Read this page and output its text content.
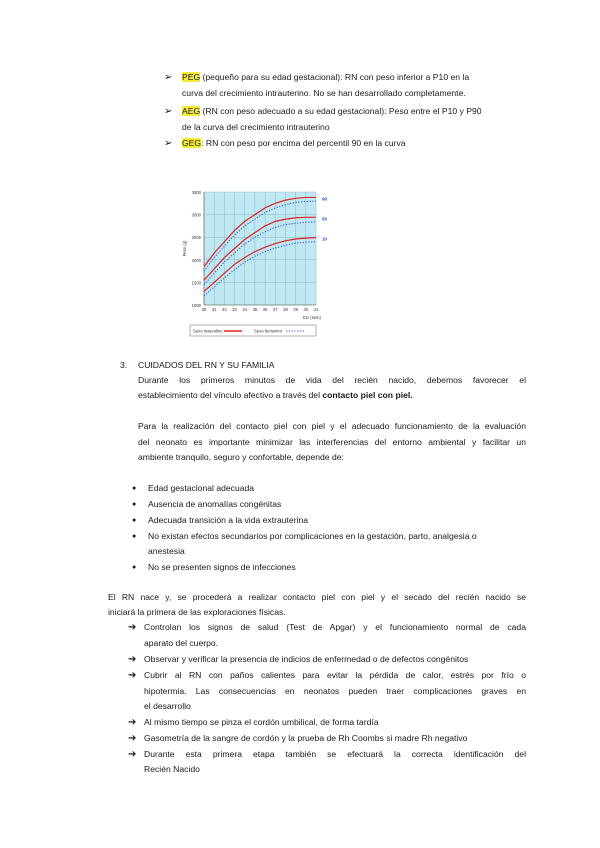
➢ PEG (pequeño para su edad gestacional): RN con peso inferior a P10 en la
curva del crecimiento intrauterino. No se han desarrollado completamente.
➢ AEG (RN con peso adecuado a su edad gestacional): Peso entre el P10 y P90
de la curva del crecimiento intrauterino
➢ GEG: RN con peso por encima del percentil 90 en la curva
1000
1500
2000
2500
3000
3500
30 31 32 33 34 35 36 37 38 39 40 41
90
50
10
Peso (g)
EG (sem)
Sexo masculino	Sexo femenino
3. CUIDADOS DEL RN Y SU FAMILIA
Durante los primeros minutos de vida del recién nacido, debemos favorecer el
establecimiento del vínculo afectivo a través del contacto piel con piel.
Para la realización del contacto piel con piel y el adecuado funcionamiento de la evaluación
del neonato es importante minimizar las interferencias del entorno ambiental y facilitar un
ambiente tranquilo, seguro y confortable, depende de:
● Edad gestacional adecuada
● Ausencia de anomalías congénitas
● Adecuada transición a la vida extrauterina
● No existan efectos secundarios por complicaciones en la gestación, parto, analgesia o
anestesia
● No se presenten signos de infecciones
El RN nace y, se procederá a realizar contacto piel con piel y el secado del recién nacido se
iniciará la primera de las exploraciones físicas.
➔ Controlan los signos de salud (Test de Apgar) y el funcionamiento normal de cada
aparato del cuerpo.
➔ Observar y verificar la presencia de indicios de enfermedad o de defectos congénitos
➔ Cubrir al RN con paños calientes para evitar la pérdida de calor, estrés por frío o
hipotermia. Las consecuencias en neonatos pueden traer complicaciones graves en
el desarrollo
➔ Al mismo tiempo se pinza el cordón umbilical, de forma tardía
➔ Gasometría de la sangre de cordón y la prueba de Rh Coombs si madre Rh negativo
➔ Durante esta primera etapa también se efectuará la correcta identificación del
Recién Nacido
